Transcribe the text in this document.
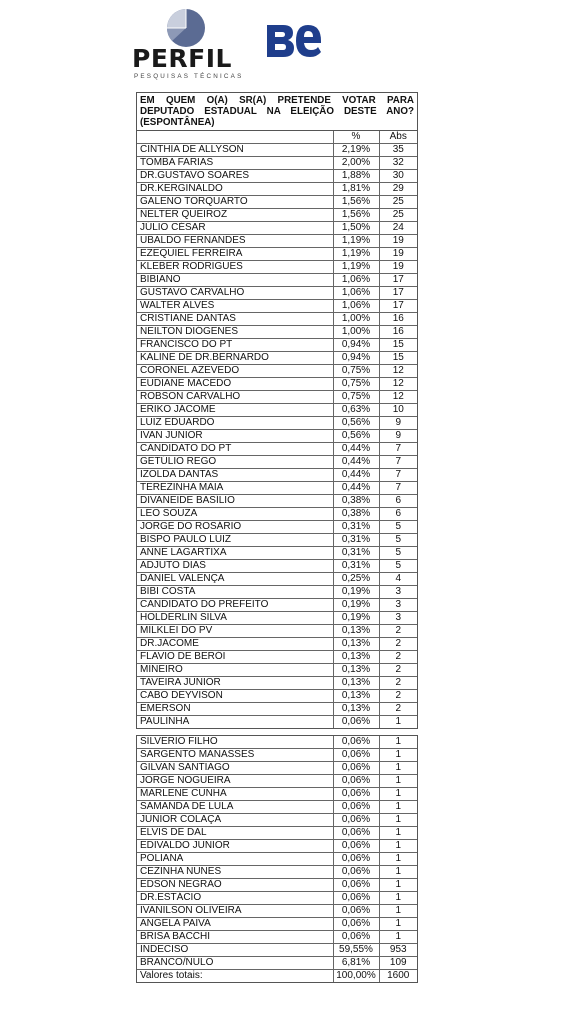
PERFIL
PESQUISAS TÉCNICAS
EM QUEM O(A) SR(A) PRETENDE VOTAR PARA DEPUTADO ESTADUAL NA ELEIÇÃO DESTE ANO? (ESPONTÂNEA)
	%	Abs
CINTHIA DE ALLYSON	2,19%	35
TOMBA FARIAS	2,00%	32
DR.GUSTAVO SOARES	1,88%	30
DR.KERGINALDO	1,81%	29
GALENO TORQUARTO	1,56%	25
NELTER QUEIROZ	1,56%	25
JÚLIO CÉSAR	1,50%	24
UBALDO FERNANDES	1,19%	19
EZEQUIEL FERREIRA	1,19%	19
KLEBER RODRIGUES	1,19%	19
BIBIANO	1,06%	17
GUSTAVO CARVALHO	1,06%	17
WALTER ALVES	1,06%	17
CRISTIANE DANTAS	1,00%	16
NEILTON DIÓGENES	1,00%	16
FRANCISCO DO PT	0,94%	15
KALINE DE DR.BERNARDO	0,94%	15
CORONEL AZEVEDO	0,75%	12
EUDIANE MACEDO	0,75%	12
ROBSON CARVALHO	0,75%	12
ERIKO JÁCOME	0,63%	10
LUIZ EDUARDO	0,56%	9
IVAN JUNIOR	0,56%	9
CANDIDATO DO PT	0,44%	7
GETÚLIO REGO	0,44%	7
IZOLDA DANTAS	0,44%	7
TEREZINHA MAIA	0,44%	7
DIVANEIDE BASÍLIO	0,38%	6
LEO SOUZA	0,38%	6
JORGE DO ROSÁRIO	0,31%	5
BISPO PAULO LUIZ	0,31%	5
ANNE LAGARTIXA	0,31%	5
ADJUTO DIAS	0,31%	5
DANIEL VALENÇA	0,25%	4
BIBI COSTA	0,19%	3
CANDIDATO DO PREFEITO	0,19%	3
HOLDERLIN SILVA	0,19%	3
MILKLEI DO PV	0,13%	2
DR.JÁCOME	0,13%	2
FLAVIO DE BERÓI	0,13%	2
MINEIRO	0,13%	2
TAVEIRA JUNIOR	0,13%	2
CABO DEYVISON	0,13%	2
EMERSON	0,13%	2
PAULINHA	0,06%	1
SILVERIO FILHO	0,06%	1
SARGENTO MANASSES	0,06%	1
GILVAN SANTIAGO	0,06%	1
JORGE NOGUEIRA	0,06%	1
MARLENE CUNHA	0,06%	1
SAMANDA DE LULA	0,06%	1
JUNIOR COLAÇA	0,06%	1
ELVIS DE DAL	0,06%	1
EDIVALDO JUNIOR	0,06%	1
POLIANA	0,06%	1
CEZINHA NUNES	0,06%	1
EDSON NEGRÃO	0,06%	1
DR.ESTÁCIO	0,06%	1
IVANILSON OLIVEIRA	0,06%	1
ANGELA PAIVA	0,06%	1
BRISA BACCHI	0,06%	1
INDECISO	59,55%	953
BRANCO/NULO	6,81%	109
Valores totais:	100,00%	1600
